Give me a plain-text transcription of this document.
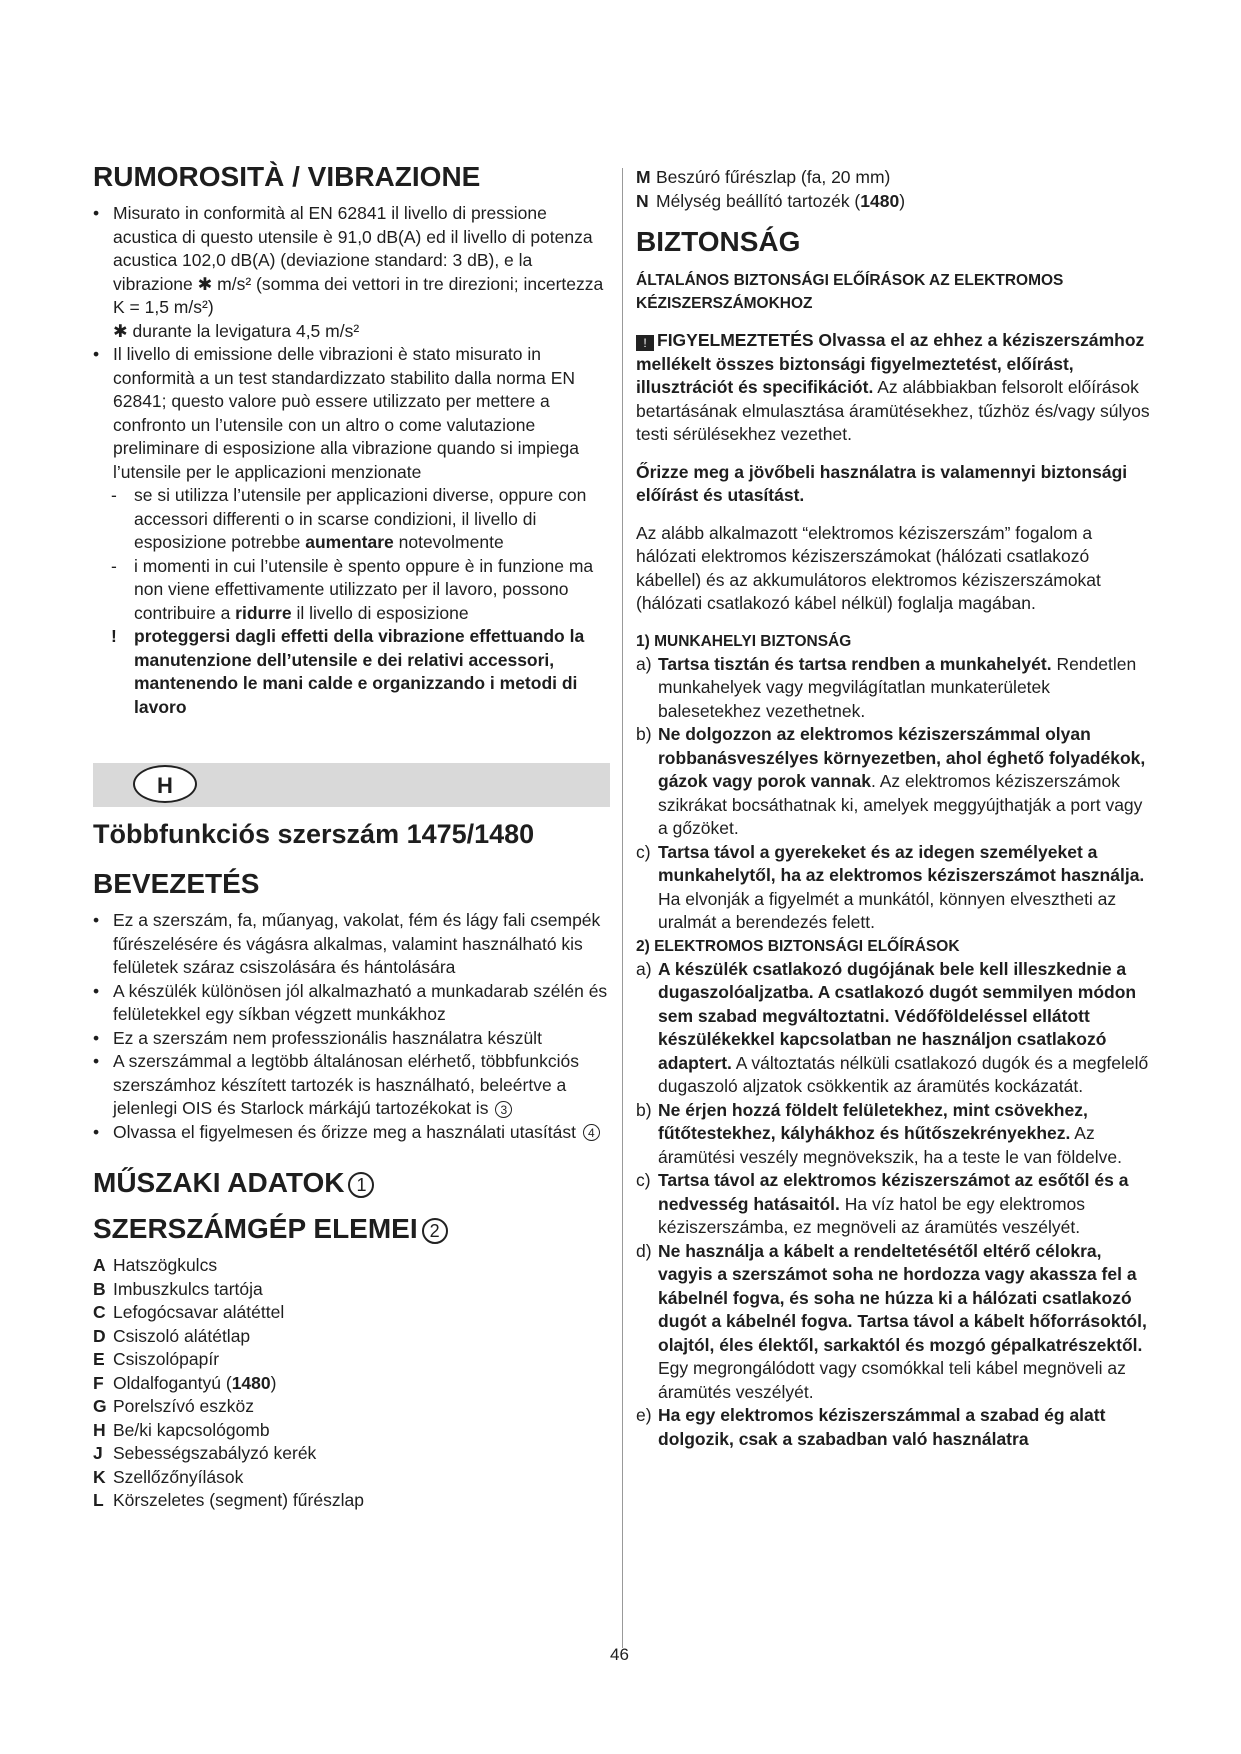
RUMOROSITÀ / VIBRAZIONE

• Misurato in conformità al EN 62841 il livello di pressione acustica di questo utensile è 91,0 dB(A) ed il livello di potenza acustica 102,0 dB(A) (deviazione standard: 3 dB), e la vibrazione ✱ m/s² (somma dei vettori in tre direzioni; incertezza K = 1,5 m/s²)

✱ durante la levigatura 4,5 m/s²

• Il livello di emissione delle vibrazioni è stato misurato in conformità a un test standardizzato stabilito dalla norma EN 62841; questo valore può essere utilizzato per mettere a confronto un l’utensile con un altro o come valutazione preliminare di esposizione alla vibrazione quando si impiega l’utensile per le applicazioni menzionate

- se si utilizza l’utensile per applicazioni diverse, oppure con accessori differenti o in scarse condizioni, il livello di esposizione potrebbe aumentare notevolmente

- i momenti in cui l’utensile è spento oppure è in funzione ma non viene effettivamente utilizzato per il lavoro, possono contribuire a ridurre il livello di esposizione

! proteggersi dagli effetti della vibrazione effettuando la manutenzione dell’utensile e dei relativi accessori, mantenendo le mani calde e organizzando i metodi di lavoro

H
Többfunkciós szerszám 1475/1480
BEVEZETÉS

• Ez a szerszám, fa, műanyag, vakolat, fém és lágy fali csempék fűrészelésére és vágásra alkalmas, valamint használható kis felületek száraz csiszolására és hántolására

• A készülék különösen jól alkalmazható a munkadarab szélén és felületekkel egy síkban végzett munkákhoz

• Ez a szerszám nem professzionális használatra készült

• A szerszámmal a legtöbb általánosan elérhető, többfunkciós szerszámhoz készített tartozék is használható, beleértve a jelenlegi OIS és Starlock márkájú tartozékokat is 3

• Olvassa el figyelmesen és őrizze meg a használati utasítást 4

MŰSZAKI ADATOK 1
SZERSZÁMGÉP ELEMEI 2

A Hatszögkulcs

B Imbuszkulcs tartója

C Lefogócsavar alátéttel

D Csiszoló alátétlap

E Csiszolópapír

F Oldalfogantyú (1480)

G Porelszívó eszköz

H Be/ki kapcsológomb

J Sebességszabályzó kerék

K Szellőzőnyílások

L Körszeletes (segment) fűrészlap

M Beszúró fűrészlap (fa, 20 mm)

N Mélység beállító tartozék (1480)

BIZTONSÁG
ÁLTALÁNOS BIZTONSÁGI ELŐÍRÁSOK AZ ELEKTROMOS KÉZISZERSZÁMOKHOZ

! FIGYELMEZTETÉS Olvassa el az ehhez a kéziszerszámhoz mellékelt összes biztonsági figyelmeztetést, előírást, illusztrációt és specifikációt. Az alábbiakban felsorolt előírások betartásának elmulasztása áramütésekhez, tűzhöz és/vagy súlyos testi sérülésekhez vezethet.

Őrizze meg a jövőbeli használatra is valamennyi biztonsági előírást és utasítást.

Az alább alkalmazott “elektromos kéziszerszám” fogalom a hálózati elektromos kéziszerszámokat (hálózati csatlakozó kábellel) és az akkumulátoros elektromos kéziszerszámokat (hálózati csatlakozó kábel nélkül) foglalja magában.

1) MUNKAHELYI BIZTONSÁG

a) Tartsa tisztán és tartsa rendben a munkahelyét. Rendetlen munkahelyek vagy megvilágítatlan munkaterületek balesetekhez vezethetnek.

b) Ne dolgozzon az elektromos kéziszerszámmal olyan robbanásveszélyes környezetben, ahol éghető folyadékok, gázok vagy porok vannak. Az elektromos kéziszerszámok szikrákat bocsáthatnak ki, amelyek meggyújthatják a port vagy a gőzöket.

c) Tartsa távol a gyerekeket és az idegen személyeket a munkahelytől, ha az elektromos kéziszerszámot használja. Ha elvonják a figyelmét a munkától, könnyen elvesztheti az uralmát a berendezés felett.

2) ELEKTROMOS BIZTONSÁGI ELŐÍRÁSOK

a) A készülék csatlakozó dugójának bele kell illeszkednie a dugaszolóaljzatba. A csatlakozó dugót semmilyen módon sem szabad megváltoztatni. Védőföldeléssel ellátott készülékekkel kapcsolatban ne használjon csatlakozó adaptert. A változtatás nélküli csatlakozó dugók és a megfelelő dugaszoló aljzatok csökkentik az áramütés kockázatát.

b) Ne érjen hozzá földelt felületekhez, mint csövekhez, fűtőtestekhez, kályhákhoz és hűtőszekrényekhez. Az áramütési veszély megnövekszik, ha a teste le van földelve.

c) Tartsa távol az elektromos kéziszerszámot az esőtől és a nedvesség hatásaitól. Ha víz hatol be egy elektromos kéziszerszámba, ez megnöveli az áramütés veszélyét.

d) Ne használja a kábelt a rendeltetésétől eltérő célokra, vagyis a szerszámot soha ne hordozza vagy akassza fel a kábelnél fogva, és soha ne húzza ki a hálózati csatlakozó dugót a kábelnél fogva. Tartsa távol a kábelt hőforrásoktól, olajtól, éles élektől, sarkaktól és mozgó gépalkatrészektől. Egy megrongálódott vagy csomókkal teli kábel megnöveli az áramütés veszélyét.

e) Ha egy elektromos kéziszerszámmal a szabad ég alatt dolgozik, csak a szabadban való használatra

46
